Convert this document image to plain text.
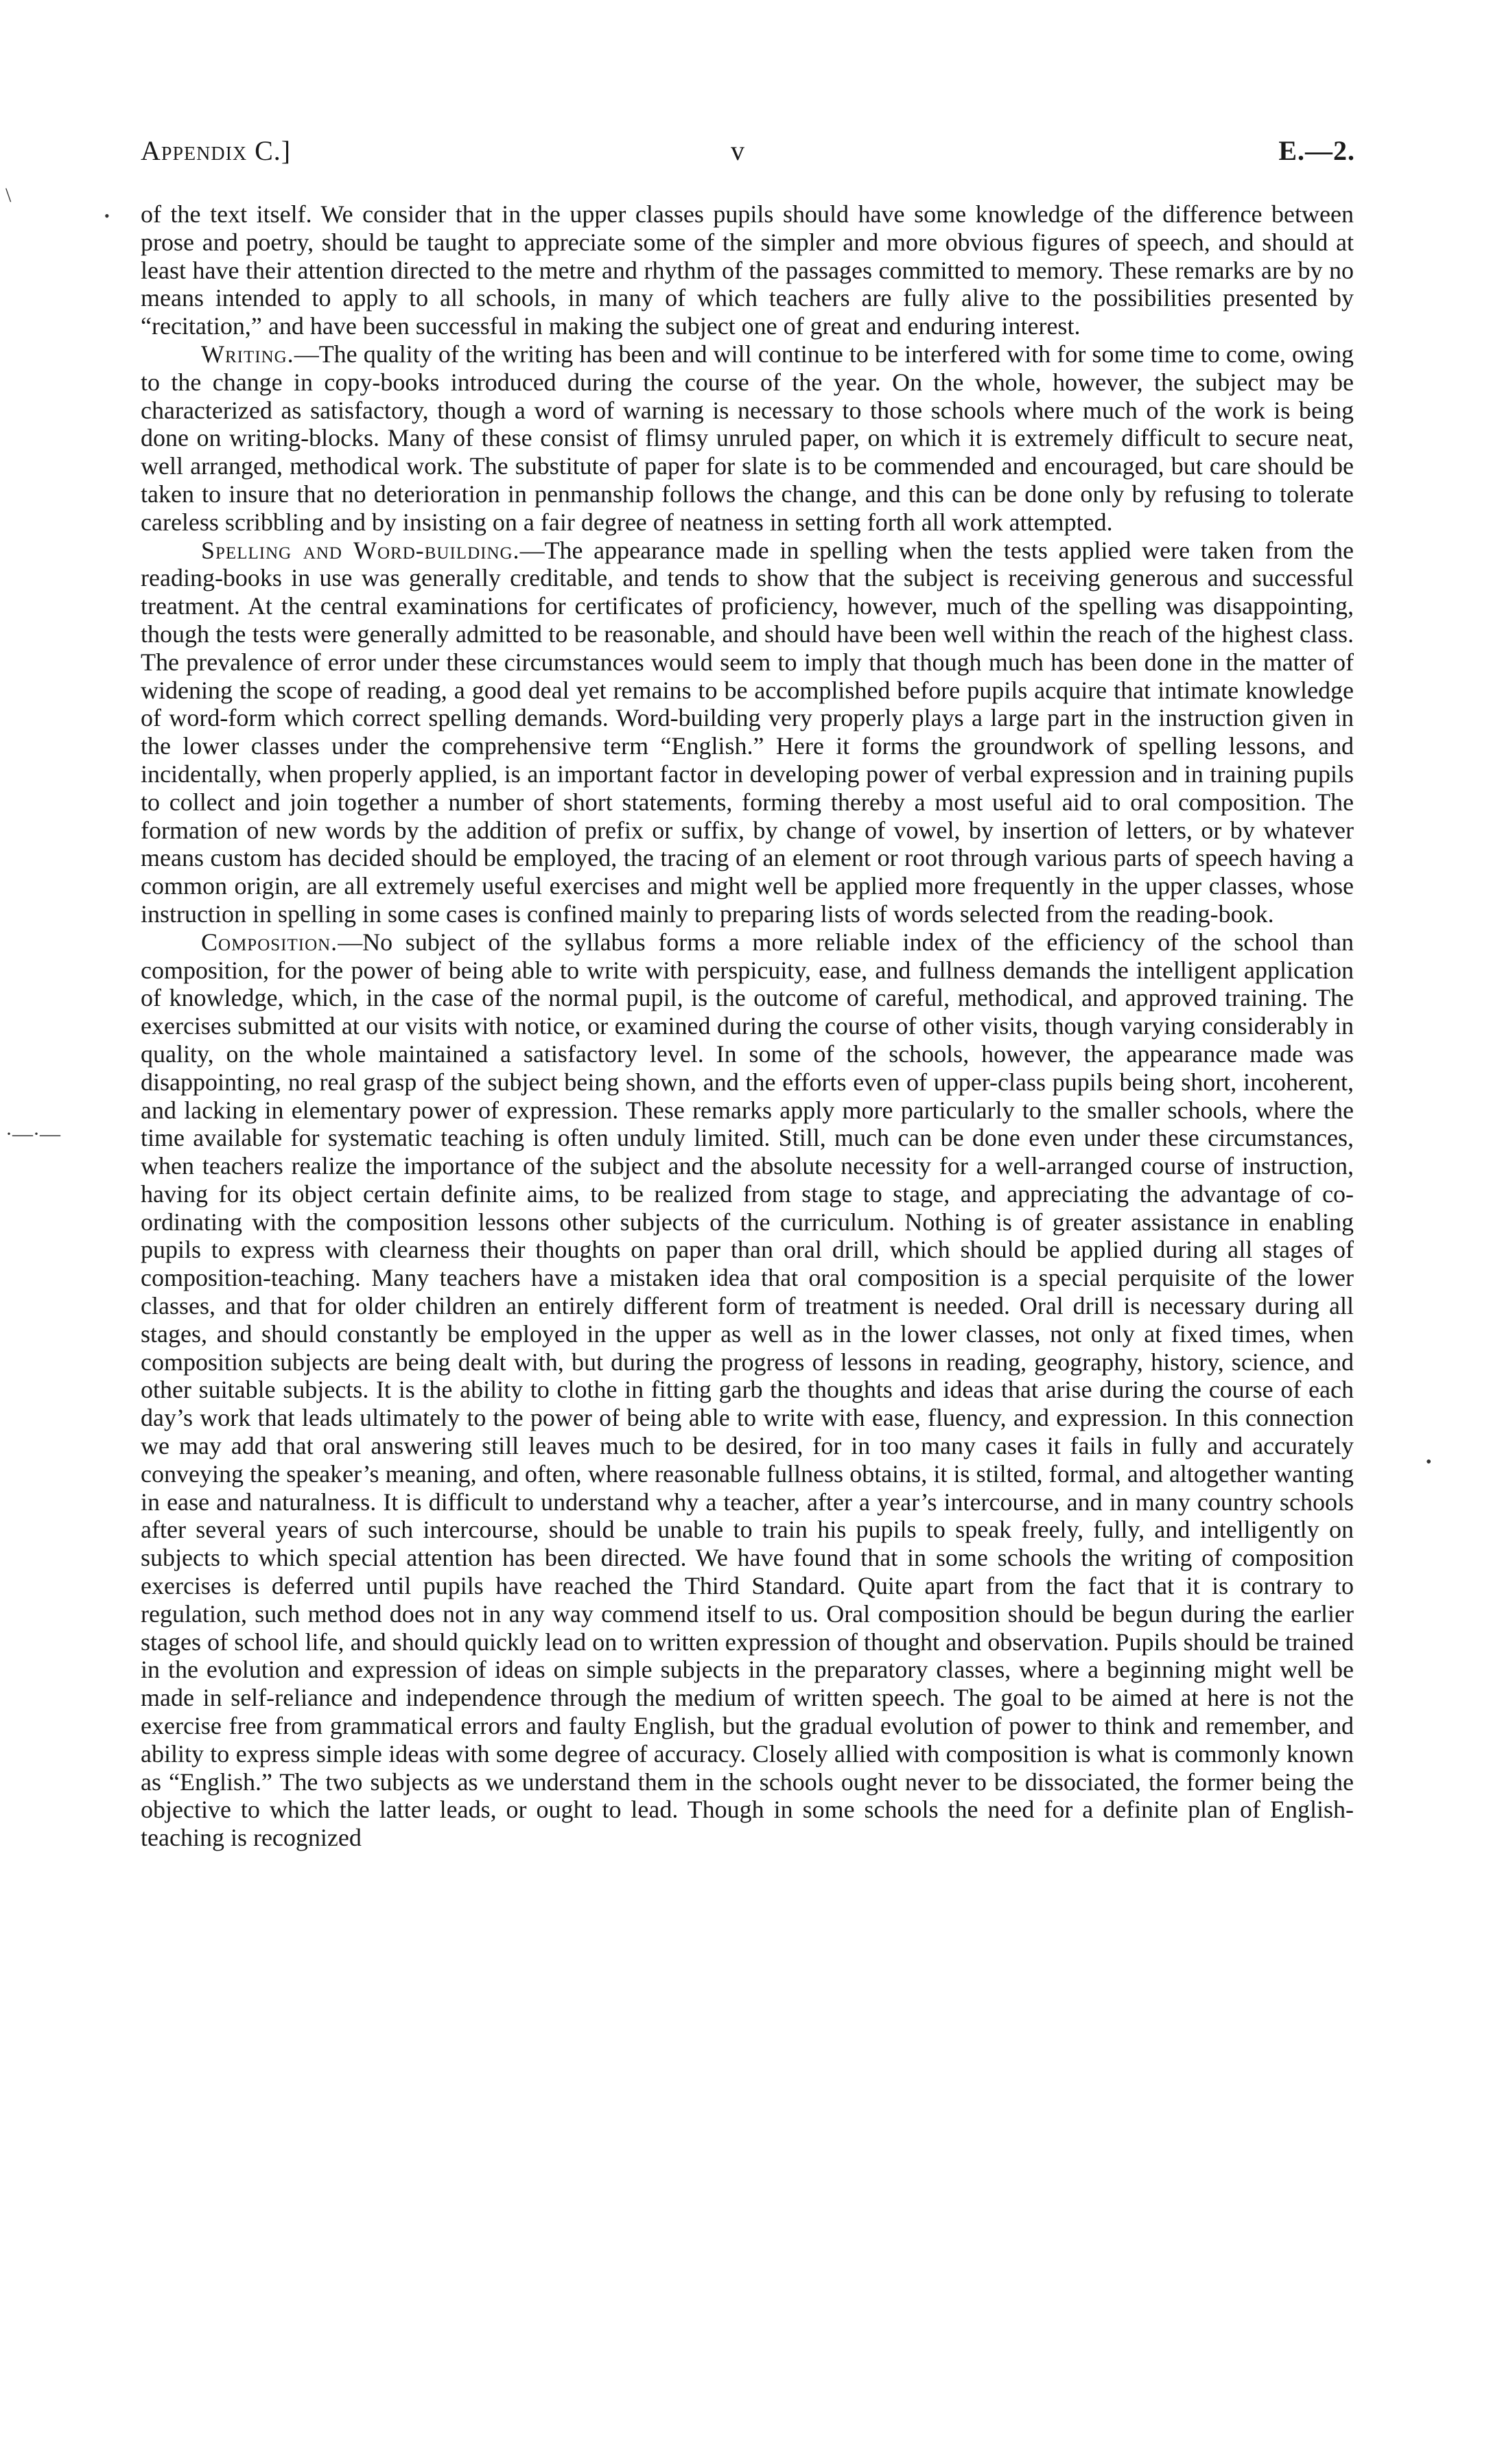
\
•
·—·—
•
Appendix C.]	v	E.—2.

of the text itself. We consider that in the upper classes pupils should have some knowledge of the difference between prose and poetry, should be taught to appreciate some of the simpler and more obvious figures of speech, and should at least have their attention directed to the metre and rhythm of the passages committed to memory. These remarks are by no means intended to apply to all schools, in many of which teachers are fully alive to the possibilities presented by “recitation,” and have been successful in making the subject one of great and enduring interest.

Writing.—The quality of the writing has been and will continue to be interfered with for some time to come, owing to the change in copy-books introduced during the course of the year. On the whole, however, the subject may be characterized as satisfactory, though a word of warning is necessary to those schools where much of the work is being done on writing-blocks. Many of these consist of flimsy unruled paper, on which it is extremely difficult to secure neat, well arranged, methodical work. The substitute of paper for slate is to be commended and encouraged, but care should be taken to insure that no deterioration in penmanship follows the change, and this can be done only by refusing to tolerate careless scribbling and by insisting on a fair degree of neatness in setting forth all work attempted.

Spelling and Word-building.—The appearance made in spelling when the tests applied were taken from the reading-books in use was generally creditable, and tends to show that the subject is receiving generous and successful treatment. At the central examinations for certificates of proficiency, however, much of the spelling was disappointing, though the tests were generally admitted to be reasonable, and should have been well within the reach of the highest class. The prevalence of error under these circumstances would seem to imply that though much has been done in the matter of widening the scope of reading, a good deal yet remains to be accomplished before pupils acquire that intimate knowledge of word-form which correct spelling demands. Word-building very properly plays a large part in the instruction given in the lower classes under the comprehensive term “English.” Here it forms the groundwork of spelling lessons, and incidentally, when properly applied, is an important factor in developing power of verbal expression and in training pupils to collect and join together a number of short statements, forming thereby a most useful aid to oral composition. The formation of new words by the addition of prefix or suffix, by change of vowel, by insertion of letters, or by whatever means custom has decided should be employed, the tracing of an element or root through various parts of speech having a common origin, are all extremely useful exercises and might well be applied more frequently in the upper classes, whose instruction in spelling in some cases is confined mainly to preparing lists of words selected from the reading-book.

Composition.—No subject of the syllabus forms a more reliable index of the efficiency of the school than composition, for the power of being able to write with perspicuity, ease, and fullness demands the intelligent application of knowledge, which, in the case of the normal pupil, is the outcome of careful, methodical, and approved training. The exercises submitted at our visits with notice, or examined during the course of other visits, though varying considerably in quality, on the whole maintained a satisfactory level. In some of the schools, however, the appearance made was disappointing, no real grasp of the subject being shown, and the efforts even of upper-class pupils being short, incoherent, and lacking in elementary power of expression. These remarks apply more particularly to the smaller schools, where the time available for systematic teaching is often unduly limited. Still, much can be done even under these circumstances, when teachers realize the importance of the subject and the absolute necessity for a well-arranged course of instruction, having for its object certain definite aims, to be realized from stage to stage, and appreciating the advantage of co-ordinating with the composition lessons other subjects of the curriculum. Nothing is of greater assistance in enabling pupils to express with clearness their thoughts on paper than oral drill, which should be applied during all stages of composition-teaching. Many teachers have a mistaken idea that oral composition is a special perquisite of the lower classes, and that for older children an entirely different form of treatment is needed. Oral drill is necessary during all stages, and should constantly be employed in the upper as well as in the lower classes, not only at fixed times, when composition subjects are being dealt with, but during the progress of lessons in reading, geography, history, science, and other suitable subjects. It is the ability to clothe in fitting garb the thoughts and ideas that arise during the course of each day’s work that leads ultimately to the power of being able to write with ease, fluency, and expression. In this connection we may add that oral answering still leaves much to be desired, for in too many cases it fails in fully and accurately conveying the speaker’s meaning, and often, where reasonable fullness obtains, it is stilted, formal, and altogether wanting in ease and naturalness. It is difficult to understand why a teacher, after a year’s intercourse, and in many country schools after several years of such intercourse, should be unable to train his pupils to speak freely, fully, and intelligently on subjects to which special attention has been directed. We have found that in some schools the writing of composition exercises is deferred until pupils have reached the Third Standard. Quite apart from the fact that it is contrary to regulation, such method does not in any way commend itself to us. Oral composition should be begun during the earlier stages of school life, and should quickly lead on to written expression of thought and observation. Pupils should be trained in the evolution and expression of ideas on simple subjects in the preparatory classes, where a beginning might well be made in self-reliance and independence through the medium of written speech. The goal to be aimed at here is not the exercise free from grammatical errors and faulty English, but the gradual evolution of power to think and remember, and ability to express simple ideas with some degree of accuracy. Closely allied with composition is what is commonly known as “English.” The two subjects as we understand them in the schools ought never to be dissociated, the former being the objective to which the latter leads, or ought to lead. Though in some schools the need for a definite plan of English-teaching is recognized
